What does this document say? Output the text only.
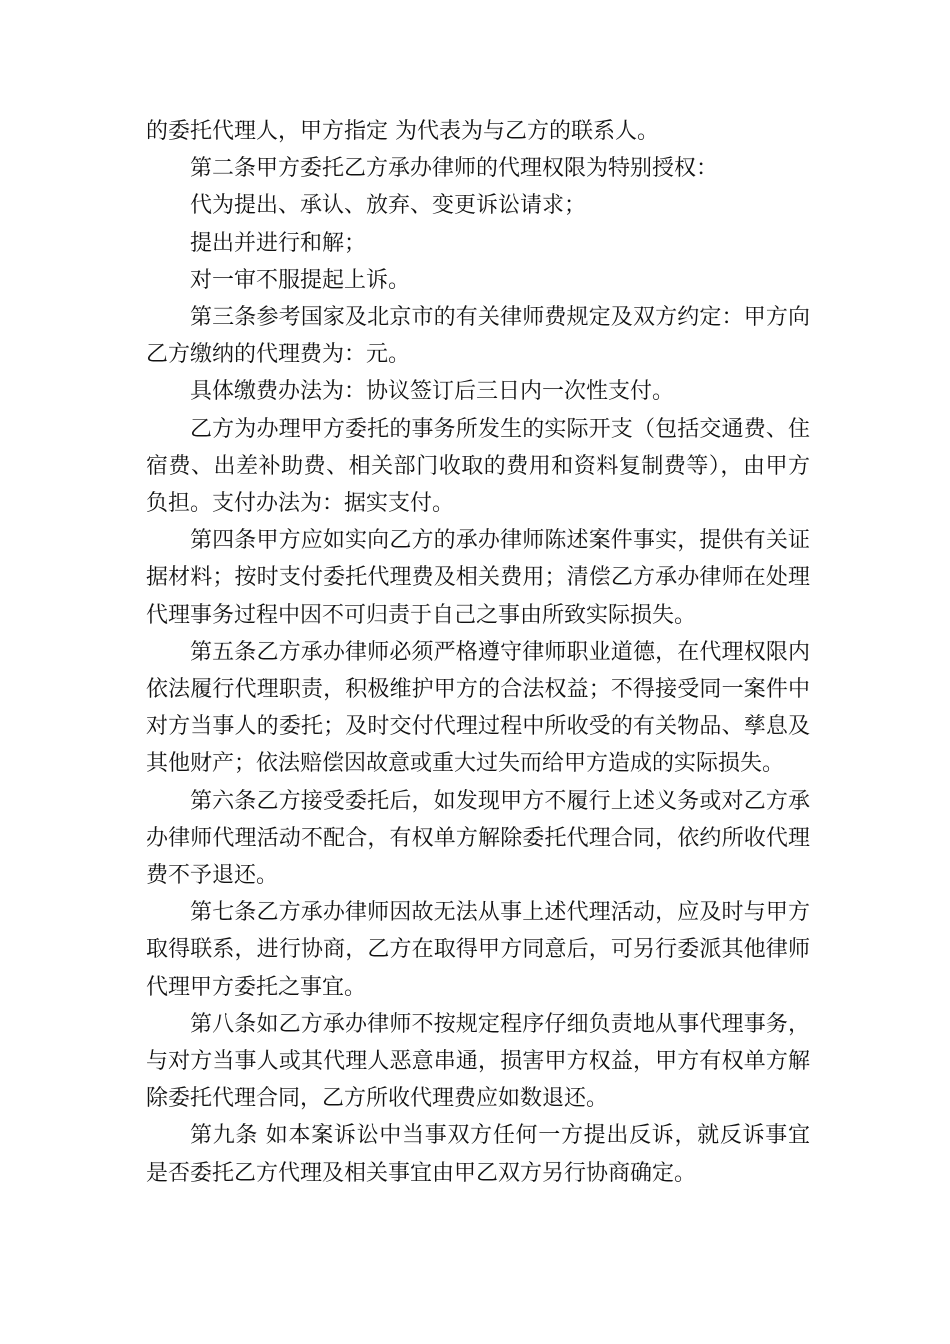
的委托代理人，甲方指定 为代表为与乙方的联系人。

第二条甲方委托乙方承办律师的代理权限为特别授权：

代为提出、承认、放弃、变更诉讼请求；

提出并进行和解；

对一审不服提起上诉。

第三条参考国家及北京市的有关律师费规定及双方约定：甲方向乙方缴纳的代理费为：元。

具体缴费办法为：协议签订后三日内一次性支付。

乙方为办理甲方委托的事务所发生的实际开支（包括交通费、住宿费、出差补助费、相关部门收取的费用和资料复制费等），由甲方负担。支付办法为：据实支付。

第四条甲方应如实向乙方的承办律师陈述案件事实，提供有关证据材料；按时支付委托代理费及相关费用；清偿乙方承办律师在处理代理事务过程中因不可归责于自己之事由所致实际损失。

第五条乙方承办律师必须严格遵守律师职业道德，在代理权限内依法履行代理职责，积极维护甲方的合法权益；不得接受同一案件中对方当事人的委托；及时交付代理过程中所收受的有关物品、孳息及其他财产；依法赔偿因故意或重大过失而给甲方造成的实际损失。

第六条乙方接受委托后，如发现甲方不履行上述义务或对乙方承办律师代理活动不配合，有权单方解除委托代理合同，依约所收代理费不予退还。

第七条乙方承办律师因故无法从事上述代理活动，应及时与甲方取得联系，进行协商，乙方在取得甲方同意后，可另行委派其他律师代理甲方委托之事宜。

第八条如乙方承办律师不按规定程序仔细负责地从事代理事务，与对方当事人或其代理人恶意串通，损害甲方权益，甲方有权单方解除委托代理合同，乙方所收代理费应如数退还。

第九条 如本案诉讼中当事双方任何一方提出反诉，就反诉事宜是否委托乙方代理及相关事宜由甲乙双方另行协商确定。
